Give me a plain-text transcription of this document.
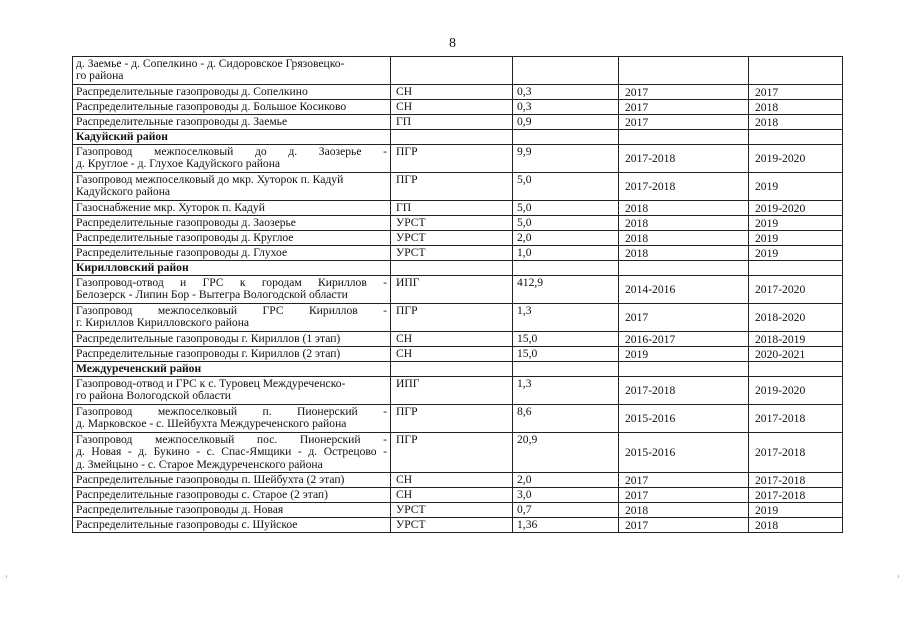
8
д. Заемье - д. Сопелкино - д. Сидоровское Грязовецко-
го района				

Распределительные газопроводы д. Сопелкино	СН	0,3	2017	2017

Распределительные газопроводы д. Большое Косиково	СН	0,3	2017	2018

Распределительные газопроводы д. Заемье	ГП	0,9	2017	2018
Кадуйский район				

Газопровод межпоселковый до д. Заозерье -
д. Круглое - д. Глухое Кадуйского района	ПГР	9,9	2017-2018	2019-2020

Газопровод межпоселковый до мкр. Хуторок п. Кадуй
Кадуйского района	ПГР	5,0	2017-2018	2019

Газоснабжение мкр. Хуторок п. Кадуй	ГП	5,0	2018	2019-2020

Распределительные газопроводы д. Заозерье	УРСТ	5,0	2018	2019

Распределительные газопроводы д. Круглое	УРСТ	2,0	2018	2019

Распределительные газопроводы д. Глухое	УРСТ	1,0	2018	2019
Кирилловский район				

Газопровод-отвод и ГРС к городам Кириллов -
Белозерск - Липин Бор - Вытегра Вологодской области	ИПГ	412,9	2014-2016	2017-2020

Газопровод межпоселковый ГРС Кириллов -
г. Кириллов Кирилловского района	ПГР	1,3	2017	2018-2020

Распределительные газопроводы г. Кириллов (1 этап)	СН	15,0	2016-2017	2018-2019

Распределительные газопроводы г. Кириллов (2 этап)	СН	15,0	2019	2020-2021
Междуреченский район				

Газопровод-отвод и ГРС к с. Туровец Междуреченско-
го района Вологодской области	ИПГ	1,3	2017-2018	2019-2020

Газопровод межпоселковый п. Пионерский -
д. Марковское - с. Шейбухта Междуреченского района	ПГР	8,6	2015-2016	2017-2018

Газопровод межпоселковый пос. Пионерский -
д. Новая - д. Букино - с. Спас-Ямщики - д. Острецово -
д. Змейцыно - с. Старое Междуреченского района	ПГР	20,9	2015-2016	2017-2018

Распределительные газопроводы п. Шейбухта (2 этап)	СН	2,0	2017	2017-2018

Распределительные газопроводы с. Старое (2 этап)	СН	3,0	2017	2017-2018

Распределительные газопроводы д. Новая	УРСТ	0,7	2018	2019

Распределительные газопроводы с. Шуйское	УРСТ	1,36	2017	2018
